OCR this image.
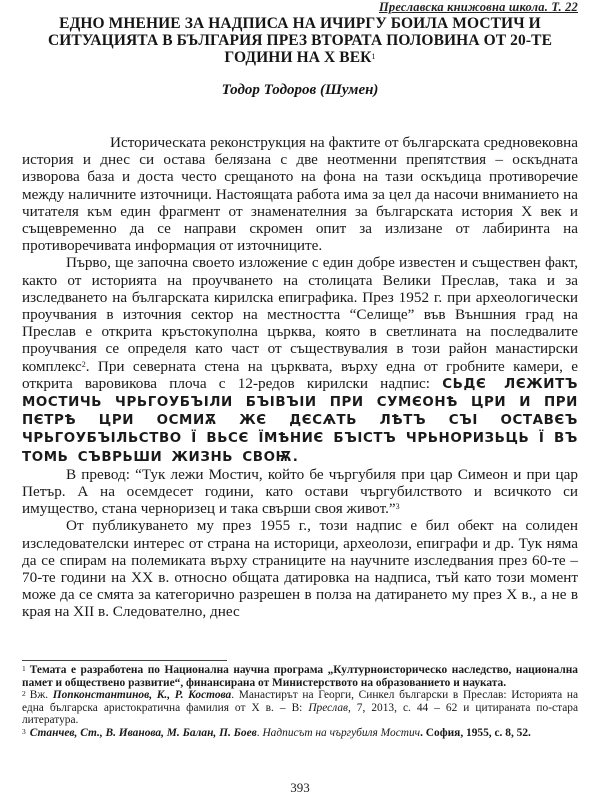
Преславска книжовна школа. Т. 22
ЕДНО МНЕНИЕ ЗА НАДПИСА НА ИЧИРГУ БОИЛА МОСТИЧ И
СИТУАЦИЯТА В БЪЛГАРИЯ ПРЕЗ ВТОРАТА ПОЛОВИНА ОТ 20-ТЕ
ГОДИНИ НА Х ВЕК$^1$
Тодор Тодоров (Шумен)

Историческата реконструкция на фактите от българската средновековна история и днес си остава белязана с две неотменни препятствия – оскъдната изворова база и доста често срещаното на фона на тази оскъдица противоречие между наличните източници. Настоящата работа има за цел да насочи вниманието на читателя към един фрагмент от знаменателния за българската история Х век и същевременно да се направи скромен опит за излизане от лабиринта на противоречивата информация от източниците.

Първо, ще започна своето изложение с един добре известен и съществен факт, както от историята на проучването на столицата Велики Преслав, така и за изследването на българската кирилска епиграфика. През 1952 г. при археологически проучвания в източния сектор на местността “Селище” във Външния град на Преслав е открита кръстокуполна църква, която в светлината на последвалите проучвания се определя като част от съществувалия в този район манастирски комплекс$^2$. При северната стена на църквата, върху една от гробните камери, е открита варовикова плоча с 12-редов кирилски надпис: СЬДЄ ЛЄЖИТЪ МОСТИЧЬ ЧРЬГОУБЪІЛИ БЪІВЪІИ ПРИ СУМЄОНѢ ЦРИ И ПРИ ПЄТРѢ ЦРИ ОСМИѪ ЖЄ ДЄСѦТЬ ЛѢТЪ СЪІ ОСТАВЄЪ ЧРЬГОУБЪІЛЬСТВО Ї ВЬСЄ ЇМѢНИЄ БЪІСТЪ ЧРЬНОРИЗЬЦЬ Ї ВЪ ТОМЬ СЪВРЬШИ ЖИЗНЬ СВОѬ.

В превод: “Тук лежи Мостич, който бе чъргубиля при цар Симеон и при цар Петър. А на осемдесет години, като остави чъргубилството и всичкото си имущество, стана черноризец и така свърши своя живот.”$^3$

От публикуването му през 1955 г., този надпис е бил обект на солиден изследователски интерес от страна на историци, археолози, епиграфи и др. Тук няма да се спирам на полемиката върху страниците на научните изследвания през 60-те – 70-те години на ХХ в. относно общата датировка на надписа, тъй като този момент може да се смята за категорично разрешен в полза на датирането му през Х в., а не в края на XII в. Следователно, днес

$^1$ Темата е разработена по Национална научна програма „Културноисторическо наследство, национална памет и обществено развитие“, финансирана от Министерството на образованието и науката.

$^2$ Вж. Попконстантинов, К., Р. Костова. Манастирът на Георги, Синкел български в Преслав: Историята на една българска аристократична фамилия от Х в. – В: Преслав, 7, 2013, с. 44 – 62 и цитираната по-стара литература.

$^3$ Станчев, Ст., В. Иванова, М. Балан, П. Боев. Надписът на чъргубиля Мостич. София, 1955, с. 8, 52.

393
